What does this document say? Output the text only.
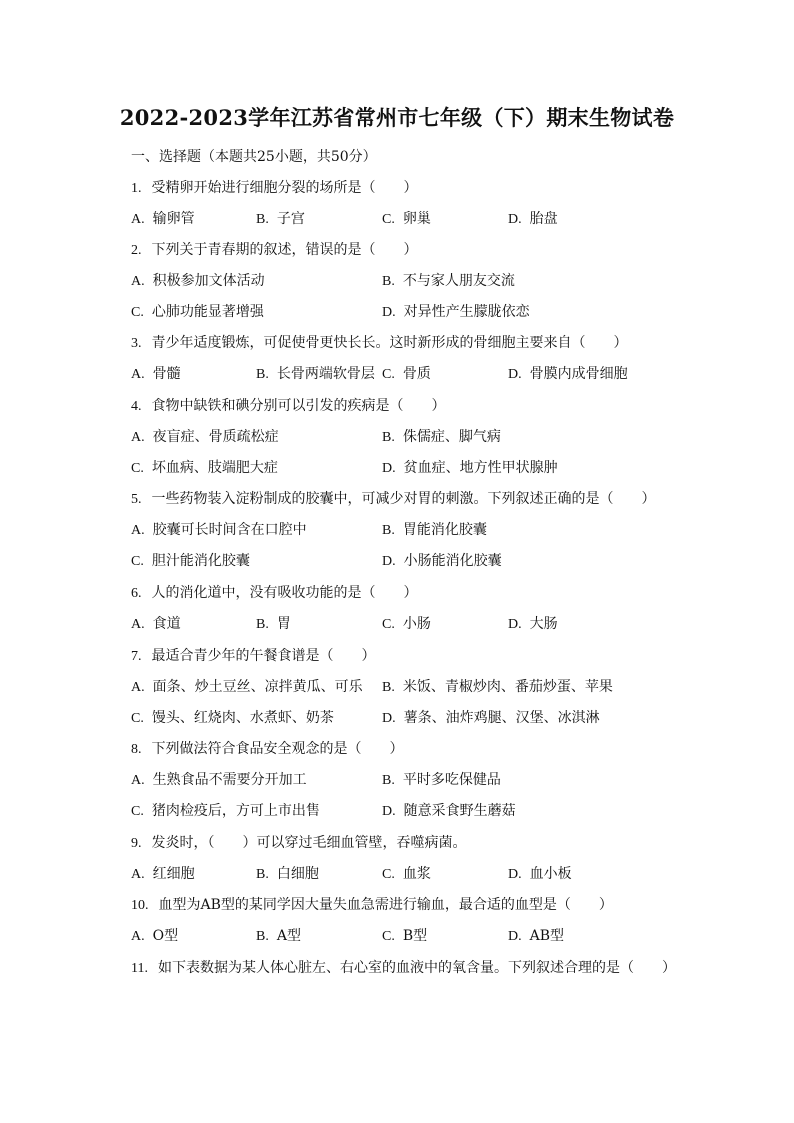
2022-2023学年江苏省常州市七年级（下）期末生物试卷
一、选择题（本题共25小题，共50分）
1. 受精卵开始进行细胞分裂的场所是（　　）
A. 输卵管	B. 子宫	C. 卵巢	D. 胎盘
2. 下列关于青春期的叙述，错误的是（　　）
A. 积极参加文体活动	B. 不与家人朋友交流
C. 心肺功能显著增强	D. 对异性产生朦胧依恋
3. 青少年适度锻炼，可促使骨更快长长。这时新形成的骨细胞主要来自（　　）
A. 骨髓	B. 长骨两端软骨层 C. 骨质	D. 骨膜内成骨细胞
4. 食物中缺铁和碘分别可以引发的疾病是（　　）
A. 夜盲症、骨质疏松症	B. 侏儒症、脚气病
C. 坏血病、肢端肥大症	D. 贫血症、地方性甲状腺肿
5. 一些药物装入淀粉制成的胶囊中，可减少对胃的刺激。下列叙述正确的是（　　）
A. 胶囊可长时间含在口腔中	B. 胃能消化胶囊
C. 胆汁能消化胶囊	D. 小肠能消化胶囊
6. 人的消化道中，没有吸收功能的是（　　）
A. 食道	B. 胃	C. 小肠	D. 大肠
7. 最适合青少年的午餐食谱是（　　）
A. 面条、炒土豆丝、凉拌黄瓜、可乐 B. 米饭、青椒炒肉、番茄炒蛋、苹果
C. 馒头、红烧肉、水煮虾、奶茶	D. 薯条、油炸鸡腿、汉堡、冰淇淋
8. 下列做法符合食品安全观念的是（　　）
A. 生熟食品不需要分开加工	B. 平时多吃保健品
C. 猪肉检疫后，方可上市出售	D. 随意采食野生蘑菇
9. 发炎时，（　　）可以穿过毛细血管壁，吞噬病菌。
A. 红细胞	B. 白细胞	C. 血浆	D. 血小板
10. 血型为AB型的某同学因大量失血急需进行输血，最合适的血型是（　　）
A. O型	B. A型	C. B型	D. AB型
11. 如下表数据为某人体心脏左、右心室的血液中的氧含量。下列叙述合理的是（　　）
